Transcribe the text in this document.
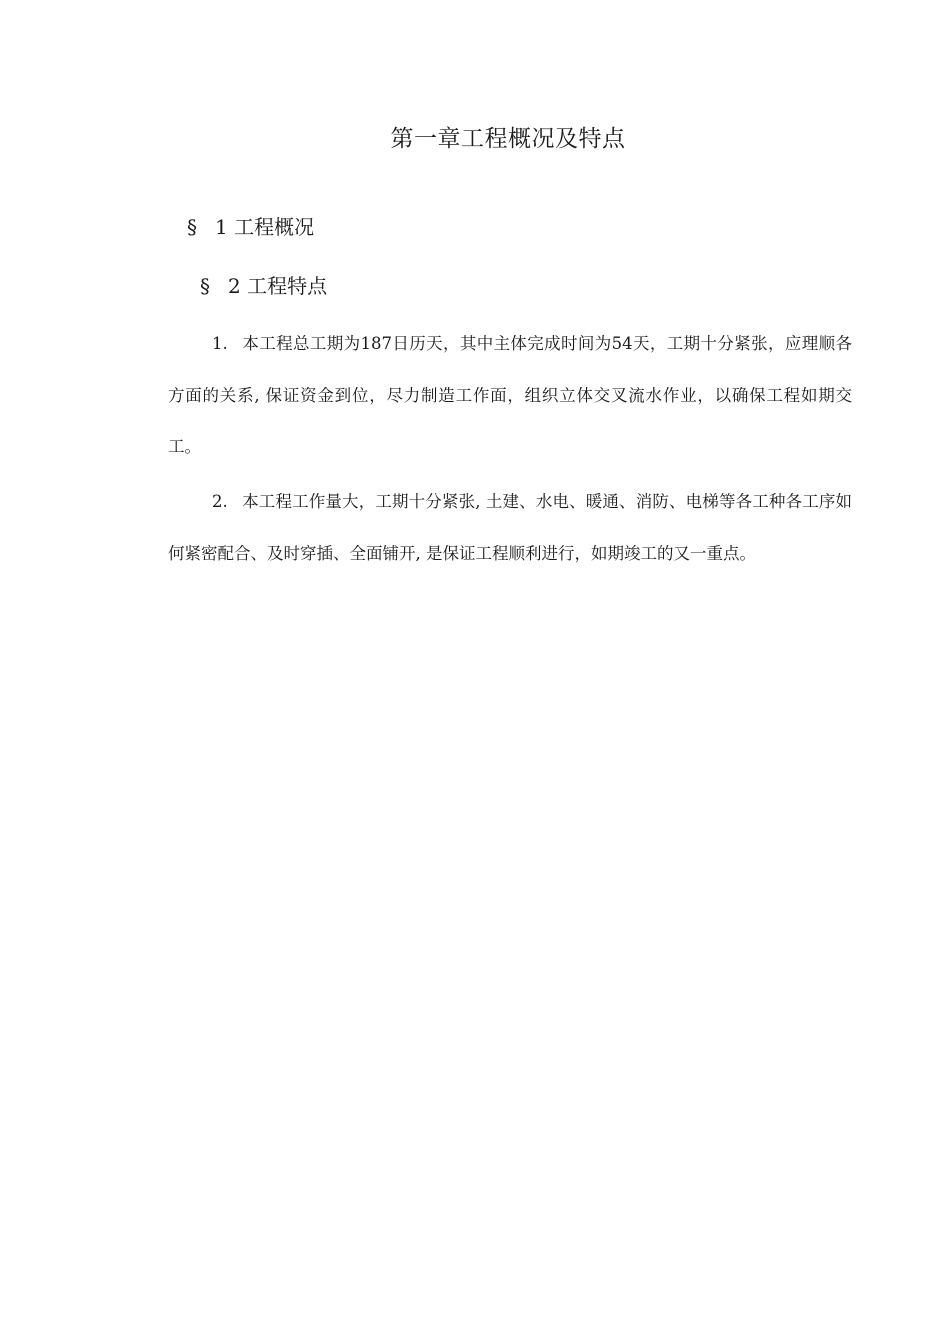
第一章工程概况及特点
§ 1 工程概况
§ 2 工程特点

1. 本工程总工期为187日历天，其中主体完成时间为54天，工期十分紧张，应理顺各方面的关系, 保证资金到位，尽力制造工作面，组织立体交叉流水作业，以确保工程如期交工。

2. 本工程工作量大，工期十分紧张, 土建、水电、暖通、消防、电梯等各工种各工序如何紧密配合、及时穿插、全面铺开, 是保证工程顺利进行，如期竣工的又一重点。
